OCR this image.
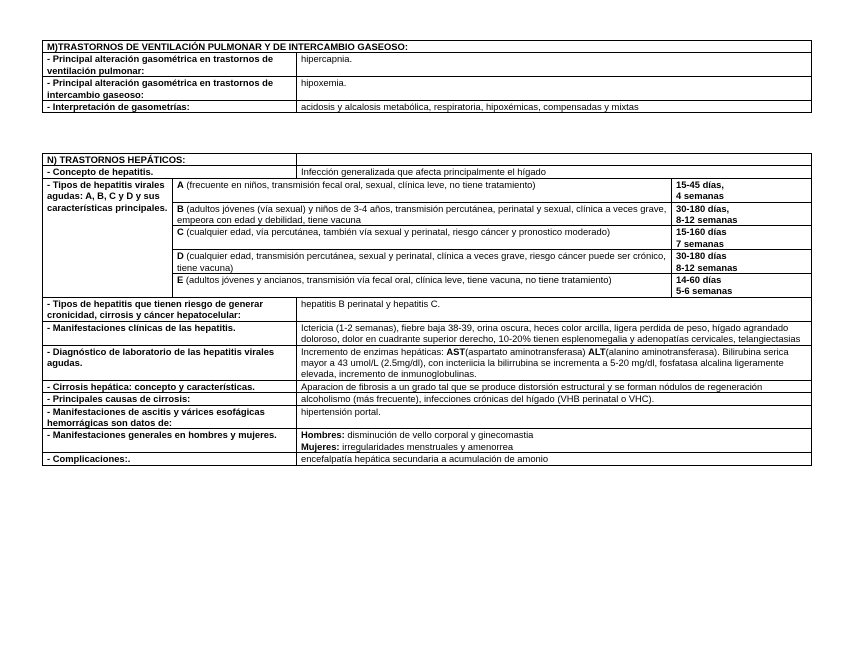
M)TRASTORNOS DE VENTILACIÓN PULMONAR Y DE INTERCAMBIO GASEOSO:	
- Principal alteración gasométrica en trastornos de ventilación pulmonar:	hipercapnia.
- Principal alteración gasométrica en trastornos de intercambio gaseoso:	hipoxemia.
- Interpretación de gasometrías:	acidosis y alcalosis metabólica, respiratoria, hipoxémicas, compensadas y mixtas
N) TRASTORNOS HEPÁTICOS:			
- Concepto de hepatitis.		Infección generalizada que afecta principalmente el hígado	
- Tipos de hepatitis virales agudas: A, B, C y D y sus características principales.	A (frecuente en niños, transmisión fecal oral, sexual, clínica leve, no tiene tratamiento)		15-45 días,
4 semanas
	B (adultos jóvenes (vía sexual) y niños de 3-4 años, transmisión percutánea, perinatal y sexual, clínica a veces grave, empeora con edad y debilidad, tiene vacuna		30-180 días,
8-12 semanas
	C (cualquier edad, vía percutánea, también vía sexual y perinatal, riesgo cáncer y pronostico moderado)		15-160 días
7 semanas
	D (cualquier edad, transmisión percutánea, sexual y perinatal, clínica a veces grave, riesgo cáncer puede ser crónico, tiene vacuna)		30-180 días
8-12 semanas
	E (adultos jóvenes y ancianos, transmisión vía fecal oral, clínica leve, tiene vacuna, no tiene tratamiento)		14-60 días
5-6 semanas
- Tipos de hepatitis que tienen riesgo de generar cronicidad, cirrosis y cáncer hepatocelular:		hepatitis B perinatal y hepatitis C.	
- Manifestaciones clínicas de las hepatitis.		Ictericia (1-2 semanas), fiebre baja 38-39, orina oscura, heces color arcilla, ligera perdida de peso, hígado agrandado doloroso, dolor en cuadrante superior derecho, 10-20% tienen esplenomegalia y adenopatías cervicales, telangiectasias	
- Diagnóstico de laboratorio de las hepatitis virales agudas.		Incremento de enzimas hepáticas: AST(aspartato aminotransferasa) ALT(alanino aminotransferasa). Bilirubina serica mayor a 43 umol/L (2.5mg/dl), con incteriicia la bilirrubina se incrementa a 5-20 mg/dl, fosfatasa alcalina ligeramente elevada, incremento de inmunoglobulinas.	
- Cirrosis hepática: concepto y características.		Aparacion de fibrosis a un grado tal que se produce distorsión estructural y se forman nódulos de regeneración	
- Principales causas de cirrosis:		alcoholismo (más frecuente), infecciones crónicas del hígado (VHB perinatal o VHC).	
- Manifestaciones de ascitis y várices esofágicas hemorrágicas son datos de:		hipertensión portal.	
- Manifestaciones generales en hombres y mujeres.		Hombres: disminución de vello corporal y ginecomastia
Mujeres: irregularidades menstruales y amenorrea	
- Complicaciones:.		encefalpatía hepática secundaria a acumulación de amonio	
